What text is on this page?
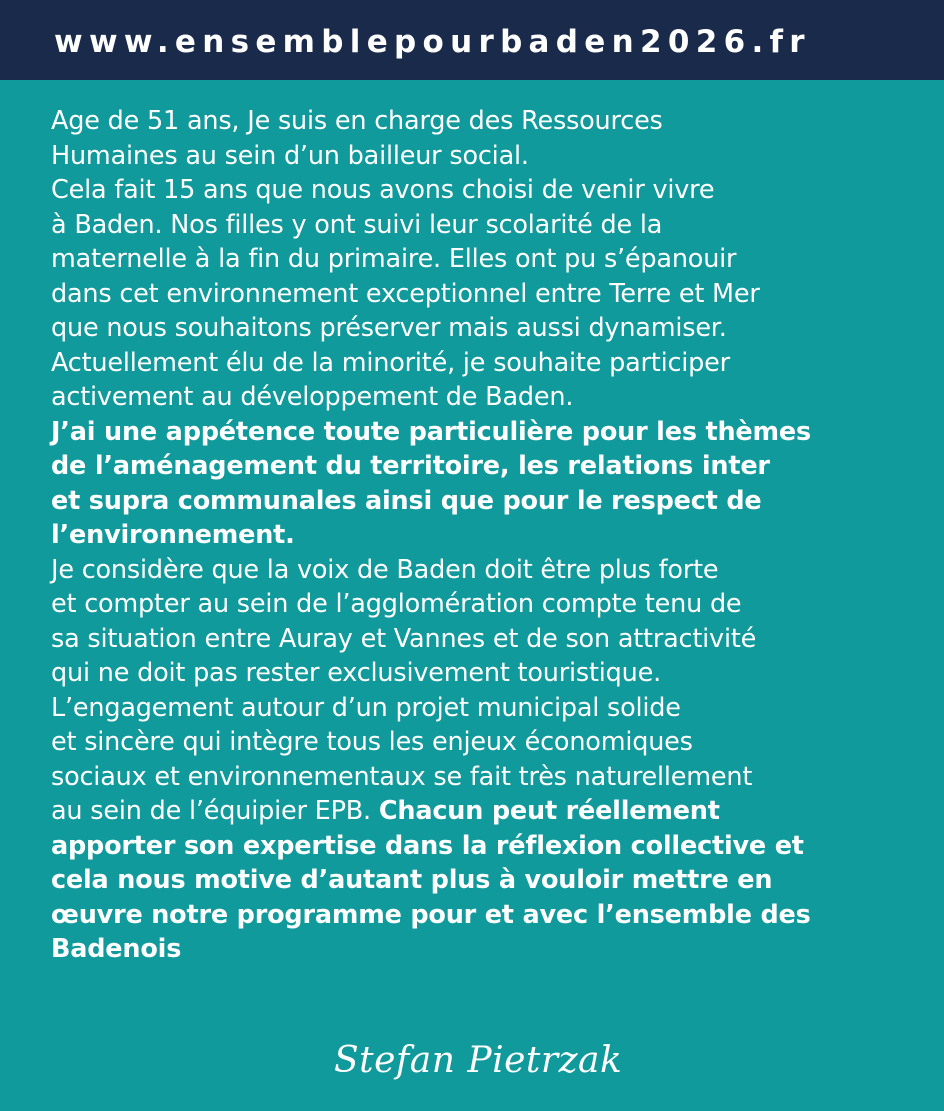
www.ensemblepourbaden2026.fr
Age de 51 ans, Je suis en charge des Ressources
Humaines au sein d’un bailleur social.
Cela fait 15 ans que nous avons choisi de venir vivre
à Baden. Nos filles y ont suivi leur scolarité de la
maternelle à la fin du primaire. Elles ont pu s’épanouir
dans cet environnement exceptionnel entre Terre et Mer
que nous souhaitons préserver mais aussi dynamiser.
Actuellement élu de la minorité, je souhaite participer
activement au développement de Baden.
J’ai une appétence toute particulière pour les thèmes
de l’aménagement du territoire, les relations inter
et supra communales ainsi que pour le respect de
l’environnement.
Je considère que la voix de Baden doit être plus forte
et compter au sein de l’agglomération compte tenu de
sa situation entre Auray et Vannes et de son attractivité
qui ne doit pas rester exclusivement touristique.
L’engagement autour d’un projet municipal solide
et sincère qui intègre tous les enjeux économiques
sociaux et environnementaux se fait très naturellement
au sein de l’équipier EPB. Chacun peut réellement
apporter son expertise dans la réflexion collective et
cela nous motive d’autant plus à vouloir mettre en
œuvre notre programme pour et avec l’ensemble des
Badenois
Stefan Pietrzak
